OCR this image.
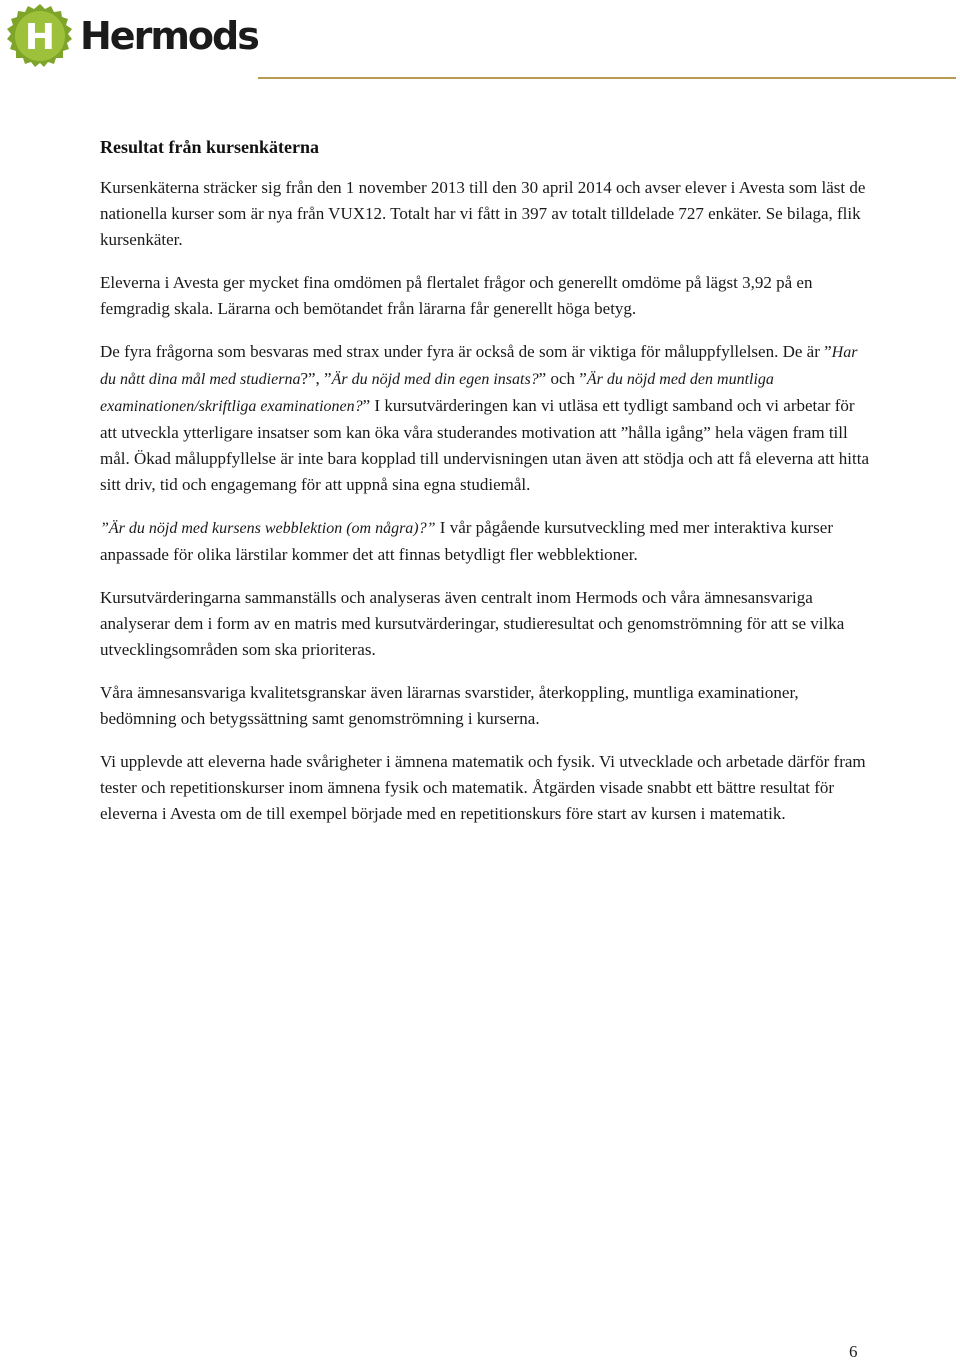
H Hermods
Resultat från kursenkäterna

Kursenkäterna sträcker sig från den 1 november 2013 till den 30 april 2014 och avser elever i Avesta som läst de nationella kurser som är nya från VUX12. Totalt har vi fått in 397 av totalt tilldelade 727 enkäter. Se bilaga, flik kursenkäter.

Eleverna i Avesta ger mycket fina omdömen på flertalet frågor och generellt omdöme på lägst 3,92 på en femgradig skala. Lärarna och bemötandet från lärarna får generellt höga betyg.

De fyra frågorna som besvaras med strax under fyra är också de som är viktiga för måluppfyllelsen. De är ”Har du nått dina mål med studierna?”, ”Är du nöjd med din egen insats?” och ”Är du nöjd med den muntliga examinationen/skriftliga examinationen?” I kursutvärderingen kan vi utläsa ett tydligt samband och vi arbetar för att utveckla ytterligare insatser som kan öka våra studerandes motivation att ”hålla igång” hela vägen fram till mål. Ökad måluppfyllelse är inte bara kopplad till undervisningen utan även att stödja och att få eleverna att hitta sitt driv, tid och engagemang för att uppnå sina egna studiemål.

”Är du nöjd med kursens webblektion (om några)?” I vår pågående kursutveckling med mer interaktiva kurser anpassade för olika lärstilar kommer det att finnas betydligt fler webblektioner.

Kursutvärderingarna sammanställs och analyseras även centralt inom Hermods och våra ämnesansvariga analyserar dem i form av en matris med kursutvärderingar, studieresultat och genomströmning för att se vilka utvecklingsområden som ska prioriteras.

Våra ämnesansvariga kvalitetsgranskar även lärarnas svarstider, återkoppling, muntliga examinationer, bedömning och betygssättning samt genomströmning i kurserna.

Vi upplevde att eleverna hade svårigheter i ämnena matematik och fysik. Vi utvecklade och arbetade därför fram tester och repetitionskurser inom ämnena fysik och matematik. Åtgärden visade snabbt ett bättre resultat för eleverna i Avesta om de till exempel började med en repetitionskurs före start av kursen i matematik.

6
